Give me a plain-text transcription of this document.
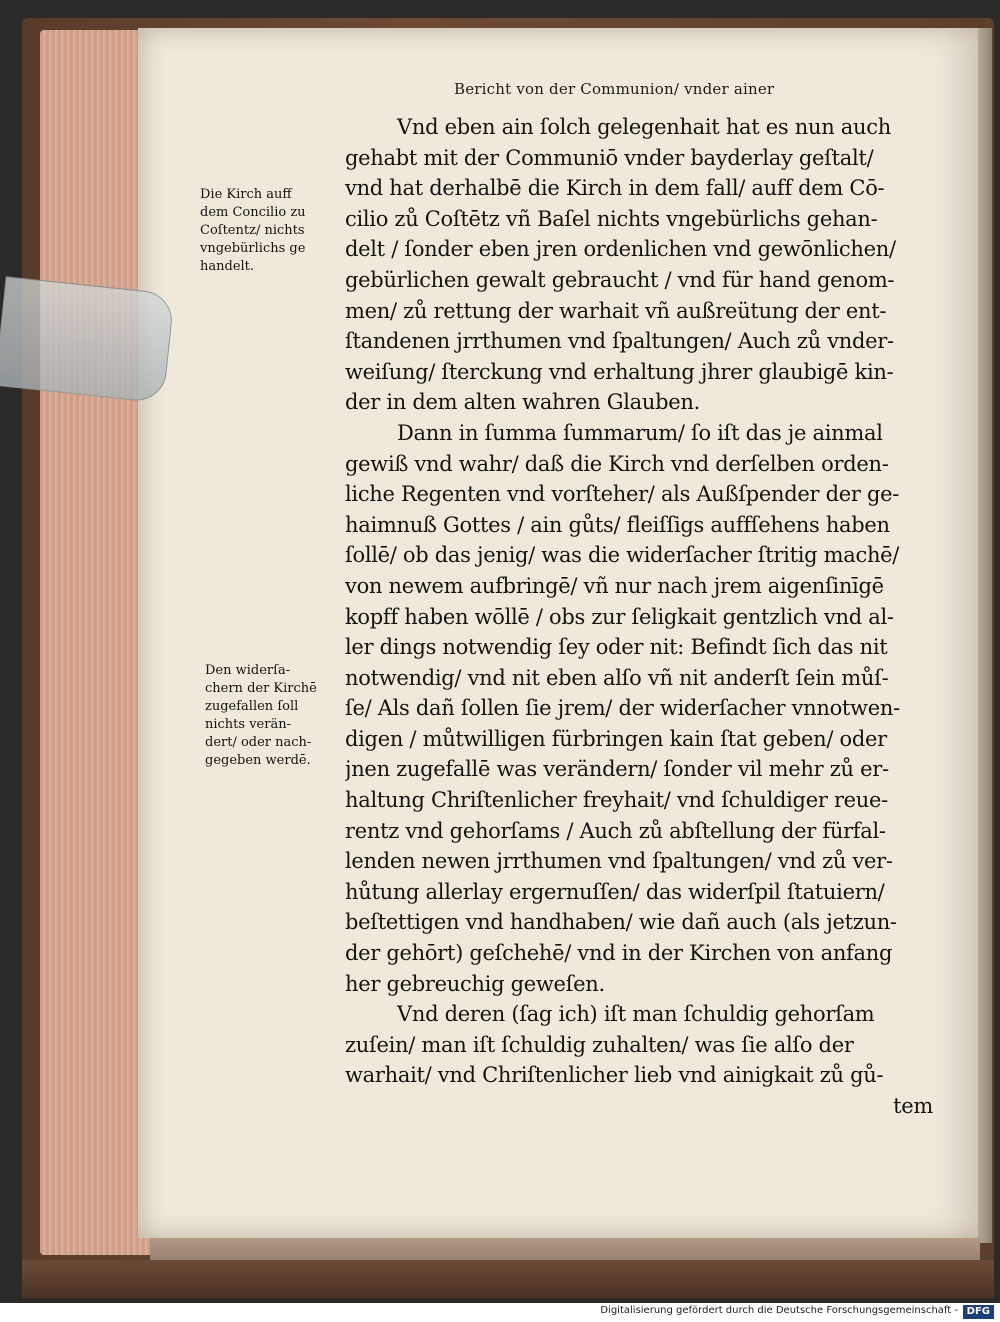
Bericht von der Communion/ vnder ainer
Vnd eben ain ſolch gelegenhait hat es nun auch
gehabt mit der Communiō vnder bayderlay geſtalt/
vnd hat derhalbē die Kirch in dem fall/ auff dem Cō-
cilio zů Coſtētz vñ Baſel nichts vngebürlichs gehan-
delt / ſonder eben jren ordenlichen vnd gewōnlichen/
gebürlichen gewalt gebraucht / vnd für hand genom-
men/ zů rettung der warhait vñ außreütung der ent-
ſtandenen jrrthumen vnd ſpaltungen/ Auch zů vnder-
weiſung/ ſterckung vnd erhaltung jhrer glaubigē kin-
der in dem alten wahren Glauben.
Dann in ſumma ſummarum/ ſo iſt das je ainmal
gewiß vnd wahr/ daß die Kirch vnd derſelben orden-
liche Regenten vnd vorſteher/ als Außſpender der ge-
haimnuß Gottes / ain gůts/ fleiſſigs auffſehens haben
ſollē/ ob das jenig/ was die widerſacher ſtritig machē/
von newem aufbringē/ vñ nur nach jrem aigenſinīgē
kopff haben wōllē / obs zur ſeligkait gentzlich vnd al-
ler dings notwendig ſey oder nit: Befindt ſich das nit
notwendig/ vnd nit eben alſo vñ nit anderſt ſein můſ-
ſe/ Als dañ ſollen ſie jrem/ der widerſacher vnnotwen-
digen / můtwilligen fürbringen kain ſtat geben/ oder
jnen zugefallē was verändern/ ſonder vil mehr zů er-
haltung Chriſtenlicher freyhait/ vnd ſchuldiger reue-
rentz vnd gehorſams / Auch zů abſtellung der fürfal-
lenden newen jrrthumen vnd ſpaltungen/ vnd zů ver-
hůtung allerlay ergernuſſen/ das widerſpil ſtatuiern/
beſtettigen vnd handhaben/ wie dañ auch (als jetzun-
der gehōrt) geſchehē/ vnd in der Kirchen von anfang
her gebreuchig geweſen.
Vnd deren (ſag ich) iſt man ſchuldig gehorſam
zuſein/ man iſt ſchuldig zuhalten/ was ſie alſo der
warhait/ vnd Chriſtenlicher lieb vnd ainigkait zů gů-
tem
Die Kirch auff
dem Concilio zu
Coſtentz/ nichts
vngebürlichs ge
handelt.
Den widerſa-
chern der Kirchē
zugefallen ſoll
nichts verän-
dert/ oder nach-
gegeben werdē.
Digitalisierung gefördert durch die Deutsche Forschungsgemeinschaft - DFG
